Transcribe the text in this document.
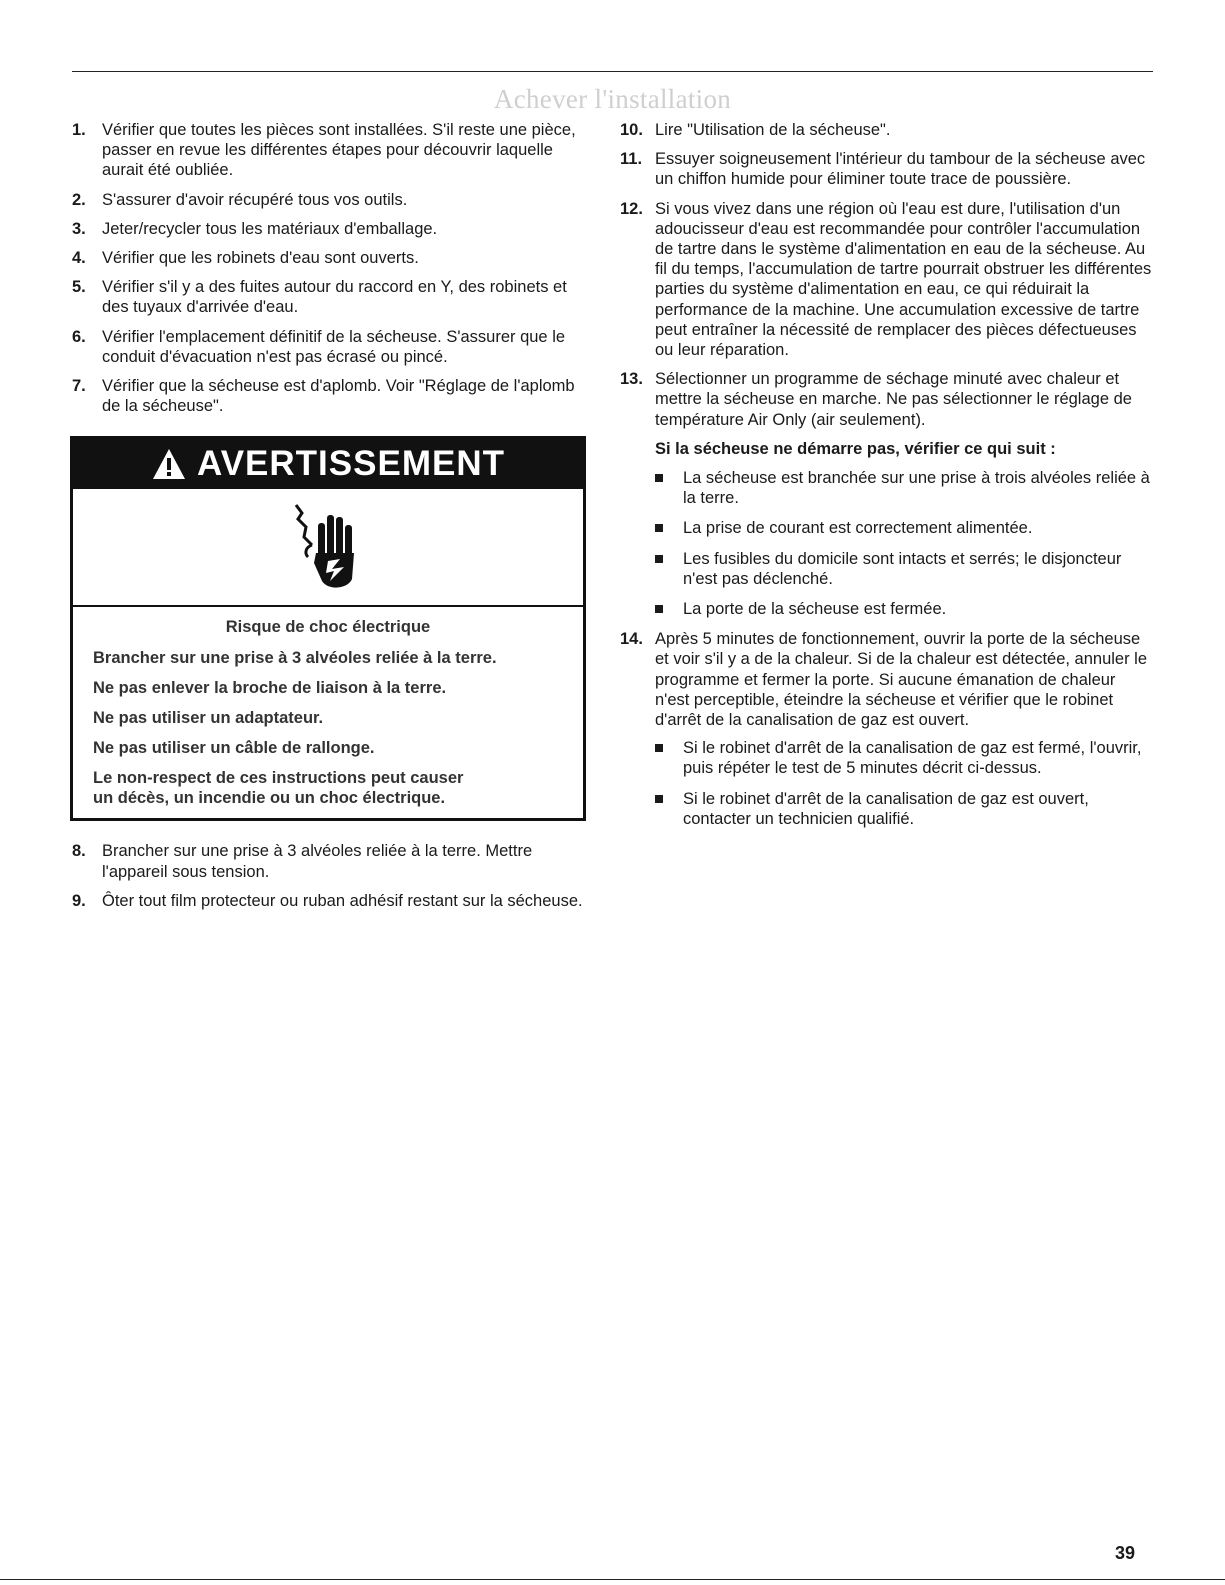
Achever l'installation
1. Vérifier que toutes les pièces sont installées. S'il reste une pièce, passer en revue les différentes étapes pour découvrir laquelle aurait été oubliée.
2. S'assurer d'avoir récupéré tous vos outils.
3. Jeter/recycler tous les matériaux d'emballage.
4. Vérifier que les robinets d'eau sont ouverts.
5. Vérifier s'il y a des fuites autour du raccord en Y, des robinets et des tuyaux d'arrivée d'eau.
6. Vérifier l'emplacement définitif de la sécheuse. S'assurer que le conduit d'évacuation n'est pas écrasé ou pincé.
7. Vérifier que la sécheuse est d'aplomb. Voir "Réglage de l'aplomb de la sécheuse".
AVERTISSEMENT

Risque de choc électrique

Brancher sur une prise à 3 alvéoles reliée à la terre.

Ne pas enlever la broche de liaison à la terre.

Ne pas utiliser un adaptateur.

Ne pas utiliser un câble de rallonge.

Le non-respect de ces instructions peut causer
un décès, un incendie ou un choc électrique.

8. Brancher sur une prise à 3 alvéoles reliée à la terre. Mettre l'appareil sous tension.
9. Ôter tout film protecteur ou ruban adhésif restant sur la sécheuse.
10. Lire "Utilisation de la sécheuse".
11. Essuyer soigneusement l'intérieur du tambour de la sécheuse avec un chiffon humide pour éliminer toute trace de poussière.
12. Si vous vivez dans une région où l'eau est dure, l'utilisation d'un adoucisseur d'eau est recommandée pour contrôler l'accumulation de tartre dans le système d'alimentation en eau de la sécheuse. Au fil du temps, l'accumulation de tartre pourrait obstruer les différentes parties du système d'alimentation en eau, ce qui réduirait la performance de la machine. Une accumulation excessive de tartre peut entraîner la nécessité de remplacer des pièces défectueuses ou leur réparation.
13. Sélectionner un programme de séchage minuté avec chaleur et mettre la sécheuse en marche. Ne pas sélectionner le réglage de température Air Only (air seulement).

Si la sécheuse ne démarre pas, vérifier ce qui suit :

La sécheuse est branchée sur une prise à trois alvéoles reliée à la terre.
La prise de courant est correctement alimentée.
Les fusibles du domicile sont intacts et serrés; le disjoncteur n'est pas déclenché.
La porte de la sécheuse est fermée.
14. Après 5 minutes de fonctionnement, ouvrir la porte de la sécheuse et voir s'il y a de la chaleur. Si de la chaleur est détectée, annuler le programme et fermer la porte. Si aucune émanation de chaleur n'est perceptible, éteindre la sécheuse et vérifier que le robinet d'arrêt de la canalisation de gaz est ouvert.
Si le robinet d'arrêt de la canalisation de gaz est fermé, l'ouvrir, puis répéter le test de 5 minutes décrit ci-dessus.
Si le robinet d'arrêt de la canalisation de gaz est ouvert, contacter un technicien qualifié.
39
